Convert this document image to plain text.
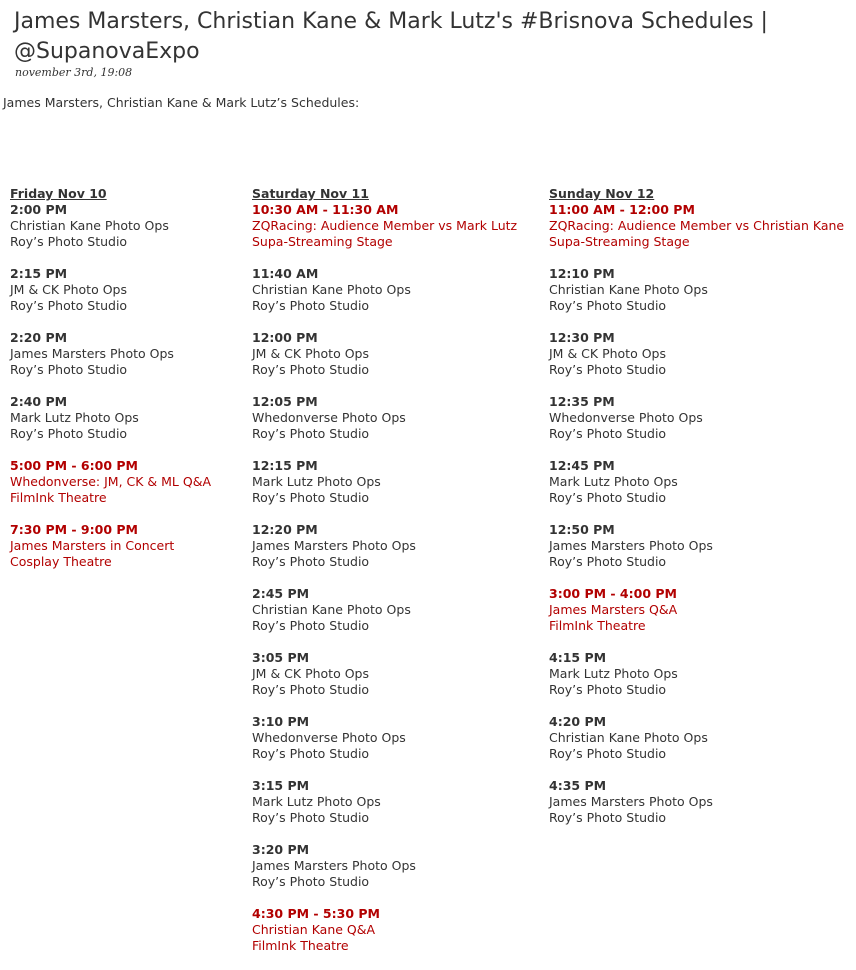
James Marsters, Christian Kane & Mark Lutz's #Brisnova Schedules | @SupanovaExpo
november 3rd, 19:08
James Marsters, Christian Kane & Mark Lutz’s Schedules:
Friday Nov 10
2:00 PM
Christian Kane Photo Ops
Roy’s Photo Studio
2:15 PM
JM & CK Photo Ops
Roy’s Photo Studio
2:20 PM
James Marsters Photo Ops
Roy’s Photo Studio
2:40 PM
Mark Lutz Photo Ops
Roy’s Photo Studio
5:00 PM - 6:00 PM
Whedonverse: JM, CK & ML Q&A
FilmInk Theatre
7:30 PM - 9:00 PM
James Marsters in Concert
Cosplay Theatre
Saturday Nov 11
10:30 AM - 11:30 AM
ZQRacing: Audience Member vs Mark Lutz
Supa-Streaming Stage
11:40 AM
Christian Kane Photo Ops
Roy’s Photo Studio
12:00 PM
JM & CK Photo Ops
Roy’s Photo Studio
12:05 PM
Whedonverse Photo Ops
Roy’s Photo Studio
12:15 PM
Mark Lutz Photo Ops
Roy’s Photo Studio
12:20 PM
James Marsters Photo Ops
Roy’s Photo Studio
2:45 PM
Christian Kane Photo Ops
Roy’s Photo Studio
3:05 PM
JM & CK Photo Ops
Roy’s Photo Studio
3:10 PM
Whedonverse Photo Ops
Roy’s Photo Studio
3:15 PM
Mark Lutz Photo Ops
Roy’s Photo Studio
3:20 PM
James Marsters Photo Ops
Roy’s Photo Studio
4:30 PM - 5:30 PM
Christian Kane Q&A
FilmInk Theatre
Sunday Nov 12
11:00 AM - 12:00 PM
ZQRacing: Audience Member vs Christian Kane
Supa-Streaming Stage
12:10 PM
Christian Kane Photo Ops
Roy’s Photo Studio
12:30 PM
JM & CK Photo Ops
Roy’s Photo Studio
12:35 PM
Whedonverse Photo Ops
Roy’s Photo Studio
12:45 PM
Mark Lutz Photo Ops
Roy’s Photo Studio
12:50 PM
James Marsters Photo Ops
Roy’s Photo Studio
3:00 PM - 4:00 PM
James Marsters Q&A
FilmInk Theatre
4:15 PM
Mark Lutz Photo Ops
Roy’s Photo Studio
4:20 PM
Christian Kane Photo Ops
Roy’s Photo Studio
4:35 PM
James Marsters Photo Ops
Roy’s Photo Studio
